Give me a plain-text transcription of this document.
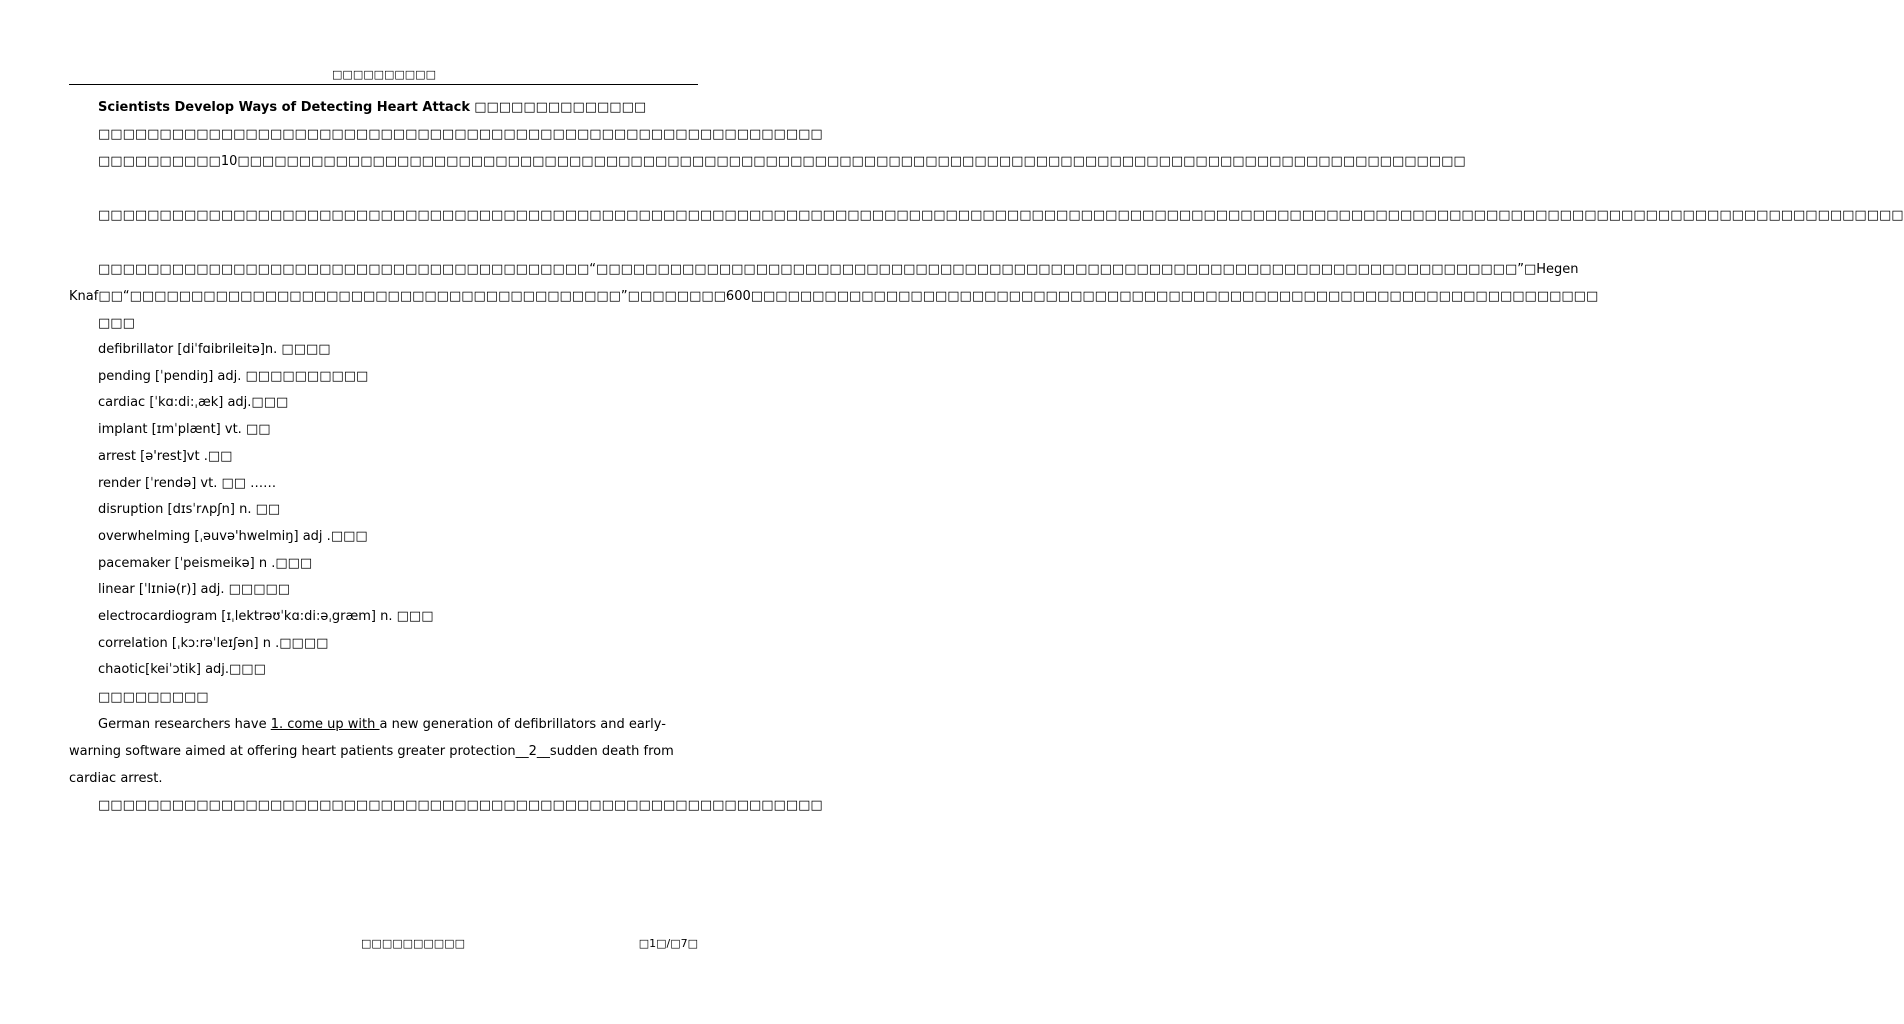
□□□□□□□□□□

Scientists Develop Ways of Detecting Heart Attack □□□□□□□□□□□□□□

□□□□□□□□□□□□□□□□□□□□□□□□□□□□□□□□□□□□□□□□□□□□□□□□□□□□□□□□□□□

□□□□□□□□□□10□□□□□□□□□□□□□□□□□□□□□□□□□□□□□□□□□□□□□□□□□□□□□□□□□□□□□□□□□□□□□□□□□□□□□□□□□□□□□□□□□□□□□□□□□□□□□□□□□□□□

□□□□□□□□□□□□□□□□□□□□□□□□□□□□□□□□□□□□□□□□□□□□□□□□□□□□□□□□□□□□□□□□□□□□□□□□□□□□□□□□□□□□□□□□□□□□□□□□□□□□□□□□□□□□□□□□□□□□□□□□□□□□□□□□□□□□□□□□□□□□□□□□□□□

□□□□□□□□□□□□□□□□□□□□□□□□□□□□□□□□□□□□□□□□“□□□□□□□□□□□□□□□□□□□□□□□□□□□□□□□□□□□□□□□□□□□□□□□□□□□□□□□□□□□□□□□□□□□□□□□□□□□”□Hegen Knaf□□“□□□□□□□□□□□□□□□□□□□□□□□□□□□□□□□□□□□□□□□□”□□□□□□□□600□□□□□□□□□□□□□□□□□□□□□□□□□□□□□□□□□□□□□□□□□□□□□□□□□□□□□□□□□□□□□□□□□□□□□

□□□

defibrillator [diˈfɑibrileitə]n. □□□□

pending [ˈpendiŋ] adj. □□□□□□□□□□

cardiac [ˈkɑ:di:ˌæk] adj.□□□

implant [ɪmˈplænt] vt. □□

arrest [ə'rest]vt .□□

render [ˈrendə] vt. □□ ……

disruption [dɪsˈrʌpʃn] n. □□

overwhelming [ˌəuvə'hwelmiŋ] adj .□□□

pacemaker [ˈpeismeikə] n .□□□

linear [ˈlɪniə(r)] adj. □□□□□

electrocardiogram [ɪˌlektrəʊˈkɑ:di:əˌgræm] n. □□□

correlation [ˌkɔ:rəˈleɪʃən] n .□□□□

chaotic[keiˈɔtik] adj.□□□

□□□□□□□□□

German researchers have 1. come up with a new generation of defibrillators and early-warning software aimed at offering heart patients greater protection__2__sudden death from cardiac arrest.

□□□□□□□□□□□□□□□□□□□□□□□□□□□□□□□□□□□□□□□□□□□□□□□□□□□□□□□□□□□

□□□□□□□□□□	□1□/□7□
